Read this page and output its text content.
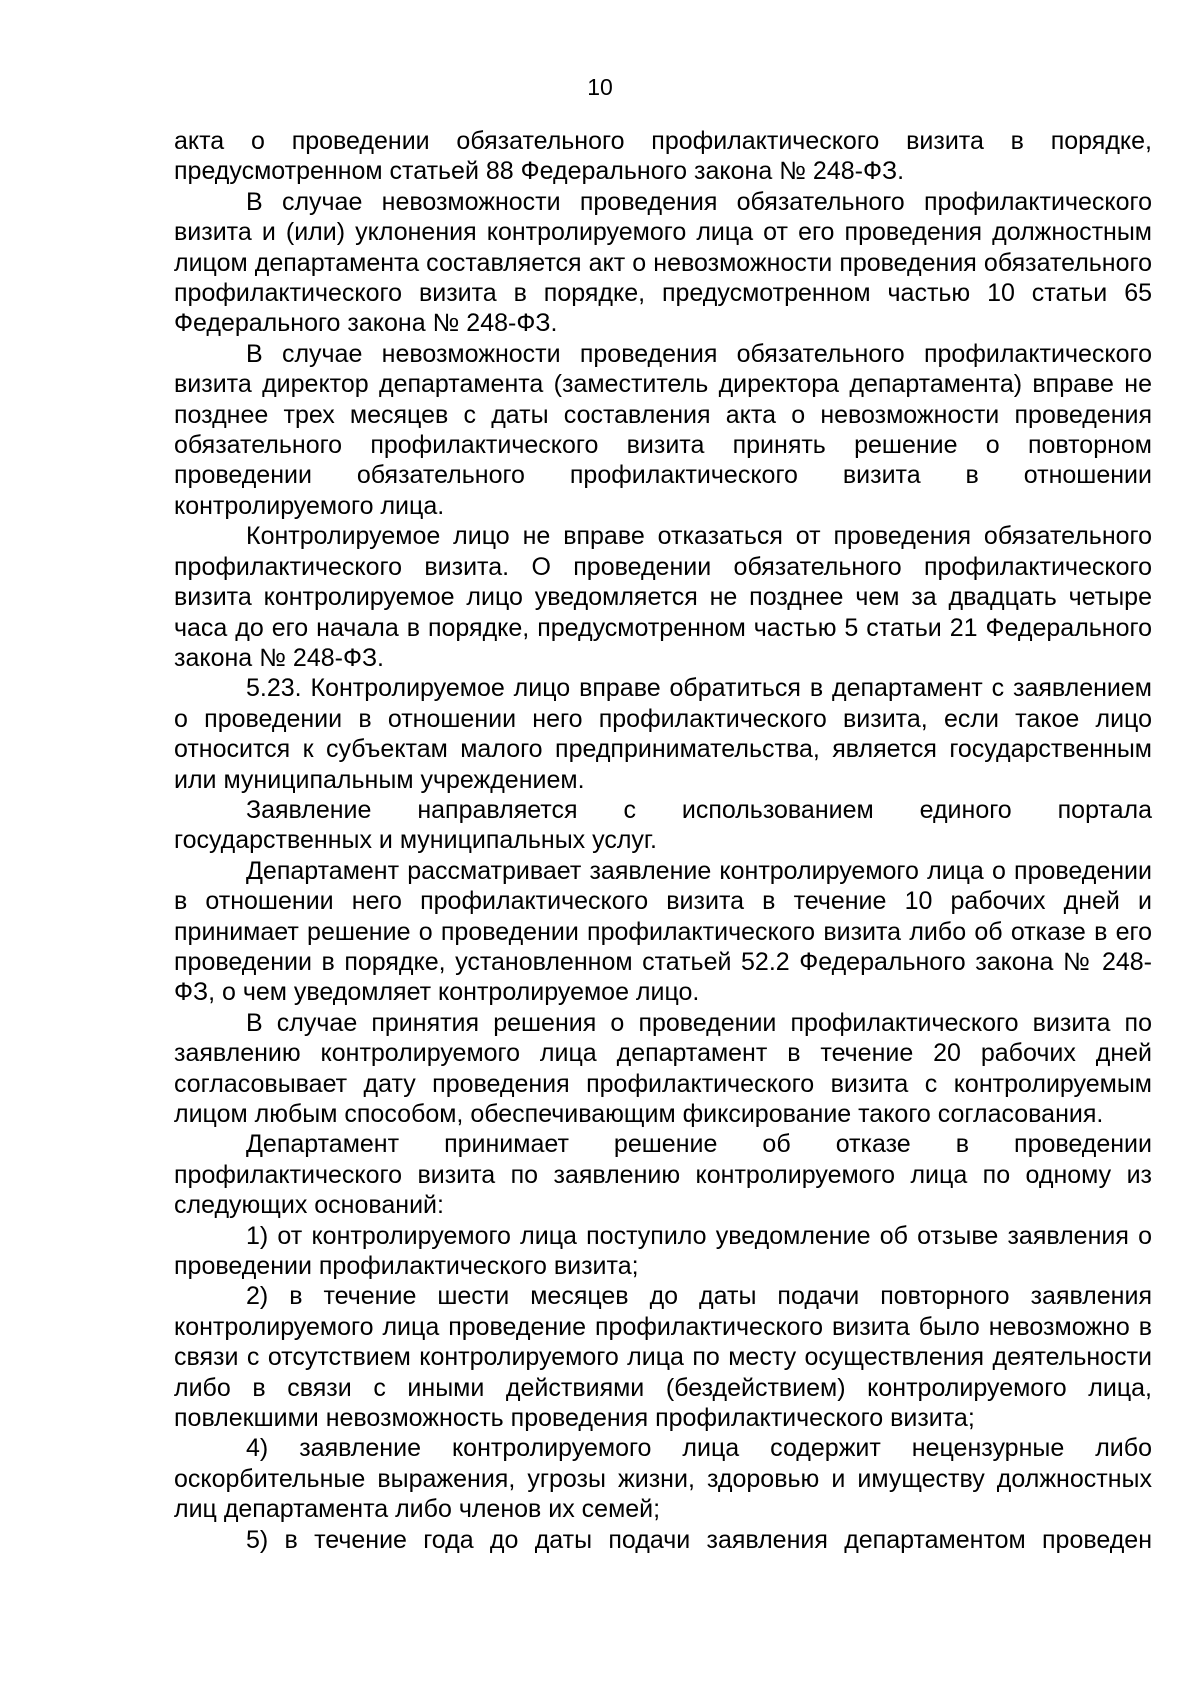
10

акта о проведении обязательного профилактического визита в порядке, предусмотренном статьей 88 Федерального закона № 248-ФЗ.

В случае невозможности проведения обязательного профилактического визита и (или) уклонения контролируемого лица от его проведения должностным лицом департамента составляется акт о невозможности проведения обязательного профилактического визита в порядке, предусмотренном частью 10 статьи 65 Федерального закона № 248-ФЗ.

В случае невозможности проведения обязательного профилактического визита директор департамента (заместитель директора департамента) вправе не позднее трех месяцев с даты составления акта о невозможности проведения обязательного профилактического визита принять решение о повторном проведении обязательного профилактического визита в отношении контролируемого лица.

Контролируемое лицо не вправе отказаться от проведения обязательного профилактического визита. О проведении обязательного профилактического визита контролируемое лицо уведомляется не позднее чем за двадцать четыре часа до его начала в порядке, предусмотренном частью 5 статьи 21 Федерального закона № 248-ФЗ.

5.23. Контролируемое лицо вправе обратиться в департамент с заявлением о проведении в отношении него профилактического визита, если такое лицо относится к субъектам малого предпринимательства, является государственным или муниципальным учреждением.

Заявление направляется с использованием единого портала государственных и муниципальных услуг.

Департамент рассматривает заявление контролируемого лица о проведении в отношении него профилактического визита в течение 10 рабочих дней и принимает решение о проведении профилактического визита либо об отказе в его проведении в порядке, установленном статьей 52.2 Федерального закона № 248-ФЗ, о чем уведомляет контролируемое лицо.

В случае принятия решения о проведении профилактического визита по заявлению контролируемого лица департамент в течение 20 рабочих дней согласовывает дату проведения профилактического визита с контролируемым лицом любым способом, обеспечивающим фиксирование такого согласования.

Департамент принимает решение об отказе в проведении профилактического визита по заявлению контролируемого лица по одному из следующих оснований:

1) от контролируемого лица поступило уведомление об отзыве заявления о проведении профилактического визита;

2) в течение шести месяцев до даты подачи повторного заявления контролируемого лица проведение профилактического визита было невозможно в связи с отсутствием контролируемого лица по месту осуществления деятельности либо в связи с иными действиями (бездействием) контролируемого лица, повлекшими невозможность проведения профилактического визита;

4) заявление контролируемого лица содержит нецензурные либо оскорбительные выражения, угрозы жизни, здоровью и имуществу должностных лиц департамента либо членов их семей;

5) в течение года до даты подачи заявления департаментом проведен
